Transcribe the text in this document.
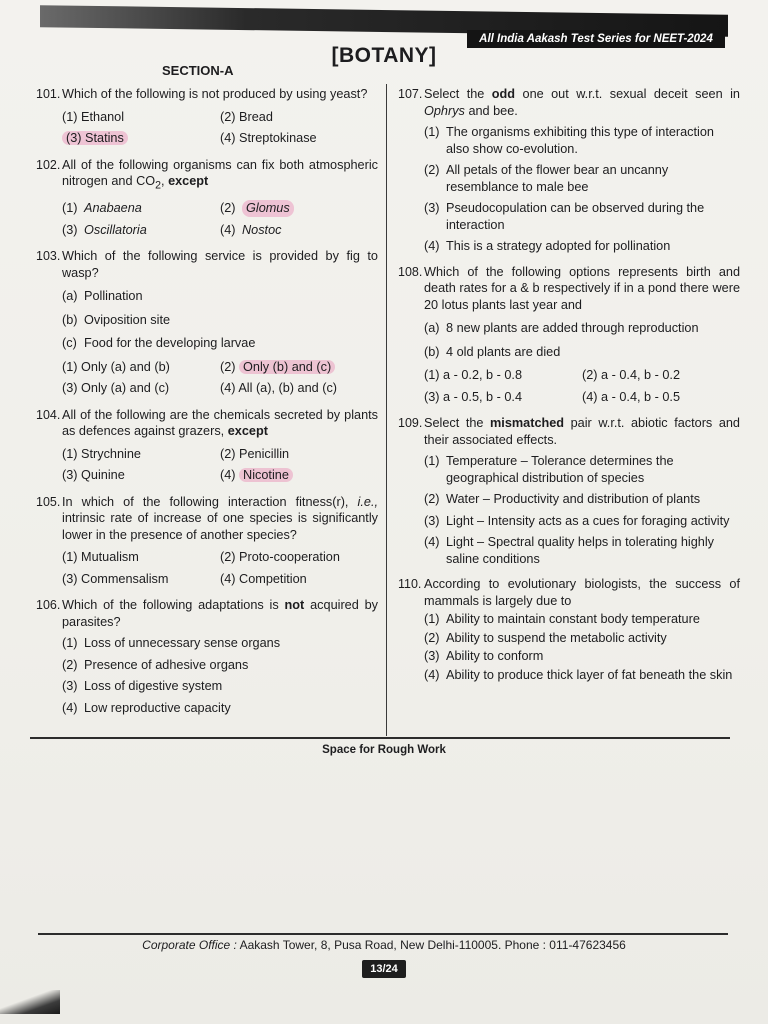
All India Aakash Test Series for NEET-2024
[BOTANY]
SECTION-A
101. Which of the following is not produced by using yeast?
(1) Ethanol	(2) Bread
(3) Statins	(4) Streptokinase
102. All of the following organisms can fix both atmospheric nitrogen and $CO_2$, except
(1) Anabaena	(2) Glomus
(3) Oscillatoria	(4) Nostoc
103. Which of the following service is provided by fig to wasp?
(a) Pollination
(b) Oviposition site
(c) Food for the developing larvae
(1) Only (a) and (b)	(2) Only (b) and (c)
(3) Only (a) and (c)	(4) All (a), (b) and (c)
104. All of the following are the chemicals secreted by plants as defences against grazers, except
(1) Strychnine	(2) Penicillin
(3) Quinine	(4) Nicotine
105. In which of the following interaction fitness(r), i.e., intrinsic rate of increase of one species is significantly lower in the presence of another species?
(1) Mutualism	(2) Proto-cooperation
(3) Commensalism	(4) Competition
106. Which of the following adaptations is not acquired by parasites?
(1) Loss of unnecessary sense organs
(2) Presence of adhesive organs
(3) Loss of digestive system
(4) Low reproductive capacity
107. Select the odd one out w.r.t. sexual deceit seen in Ophrys and bee.
(1) The organisms exhibiting this type of interaction also show co-evolution.
(2) All petals of the flower bear an uncanny resemblance to male bee
(3) Pseudocopulation can be observed during the interaction
(4) This is a strategy adopted for pollination
108. Which of the following options represents birth and death rates for a & b respectively if in a pond there were 20 lotus plants last year and
(a) 8 new plants are added through reproduction
(b) 4 old plants are died
(1) a - 0.2, b - 0.8	(2) a - 0.4, b - 0.2
(3) a - 0.5, b - 0.4	(4) a - 0.4, b - 0.5
109. Select the mismatched pair w.r.t. abiotic factors and their associated effects.
(1) Temperature – Tolerance determines the geographical distribution of species
(2) Water – Productivity and distribution of plants
(3) Light – Intensity acts as a cues for foraging activity
(4) Light – Spectral quality helps in tolerating highly saline conditions
110. According to evolutionary biologists, the success of mammals is largely due to
(1) Ability to maintain constant body temperature
(2) Ability to suspend the metabolic activity
(3) Ability to conform
(4) Ability to produce thick layer of fat beneath the skin
Space for Rough Work
Corporate Office : Aakash Tower, 8, Pusa Road, New Delhi-110005. Phone : 011-47623456
13/24
